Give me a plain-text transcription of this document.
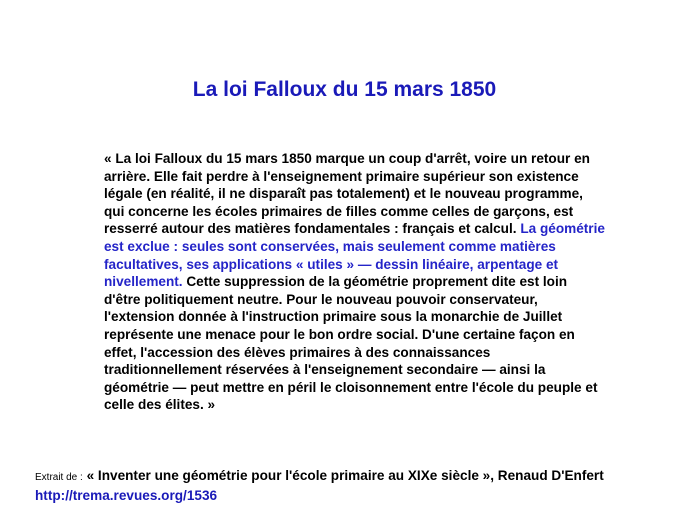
La loi Falloux du 15 mars 1850

« La loi Falloux du 15 mars 1850 marque un coup d'arrêt, voire un retour en arrière. Elle fait perdre à l'enseignement primaire supérieur son existence légale (en réalité, il ne disparaît pas totalement) et le nouveau programme, qui concerne les écoles primaires de filles comme celles de garçons, est resserré autour des matières fondamentales : français et calcul. La géométrie est exclue : seules sont conservées, mais seulement comme matières facultatives, ses applications « utiles » — dessin linéaire, arpentage et nivellement. Cette suppression de la géométrie proprement dite est loin d'être politiquement neutre. Pour le nouveau pouvoir conservateur, l'extension donnée à l'instruction primaire sous la monarchie de Juillet représente une menace pour le bon ordre social. D'une certaine façon en effet, l'accession des élèves primaires à des connaissances traditionnellement réservées à l'enseignement secondaire — ainsi la géométrie — peut mettre en péril le cloisonnement entre l'école du peuple et celle des élites. »

Extrait de : « Inventer une géométrie pour l'école primaire au XIXe siècle », Renaud D'Enfert
http://trema.revues.org/1536
